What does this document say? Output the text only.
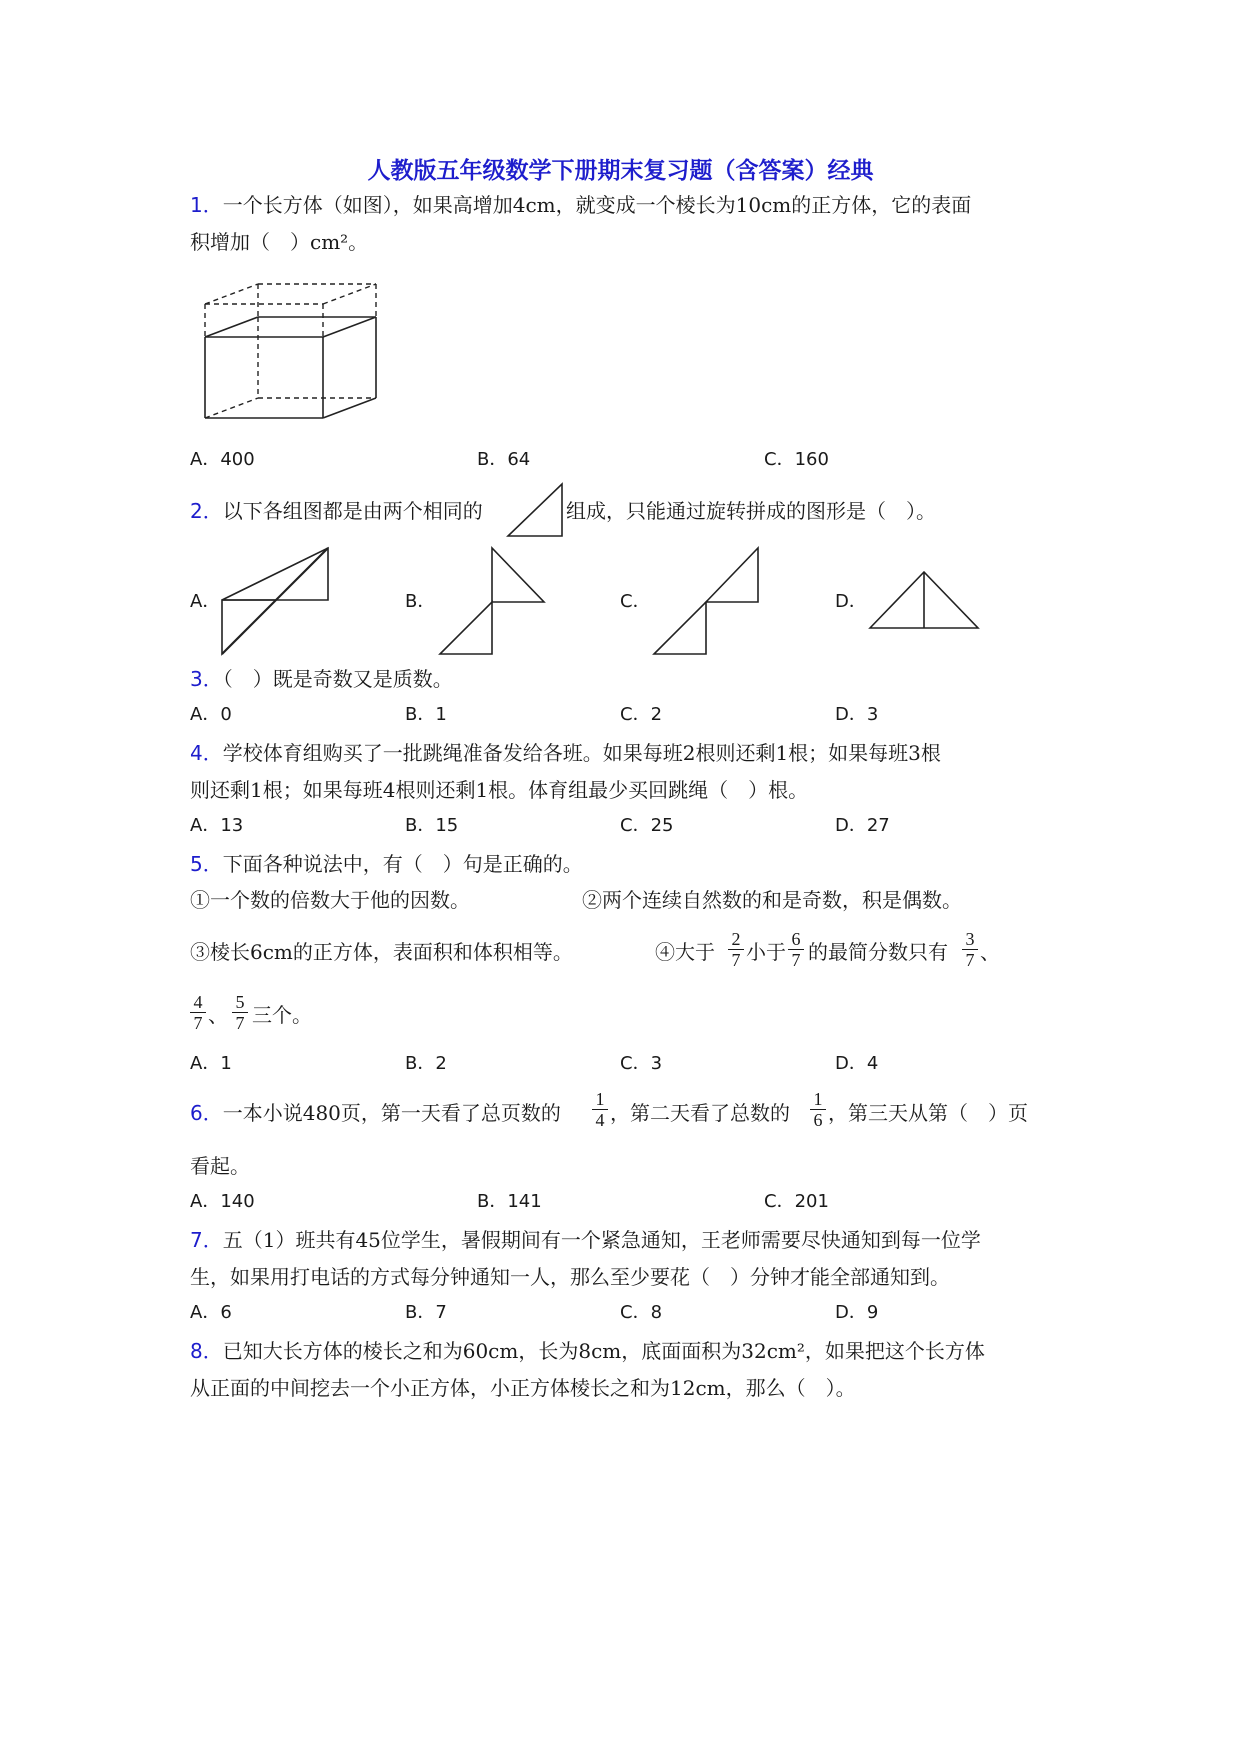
人教版五年级数学下册期末复习题（含答案）经典
1．一个长方体（如图），如果高增加4cm，就变成一个棱长为10cm的正方体，它的表面
积增加（　）cm²。
A．400	B．64	C．160
2．以下各组图都是由两个相同的	组成，只能通过旋转拼成的图形是（　）。
A．	B．	C．	D．
3．（　）既是奇数又是质数。
A．0	B．1	C．2	D．3
4．学校体育组购买了一批跳绳准备发给各班。如果每班2根则还剩1根；如果每班3根
则还剩1根；如果每班4根则还剩1根。体育组最少买回跳绳（　）根。
A．13	B．15	C．25	D．27
5．下面各种说法中，有（　）句是正确的。
①一个数的倍数大于他的因数。	②两个连续自然数的和是奇数，积是偶数。
③棱长6cm的正方体，表面积和体积相等。	④大于 $\frac{2}{7}$ 小于 $\frac{6}{7}$ 的最简分数只有 $\frac{3}{7}$ 、
$\frac{4}{7}$ 、 $\frac{5}{7}$ 三个。
A．1	B．2	C．3	D．4
6．一本小说480页，第一天看了总页数的 $\frac{1}{4}$ ，第二天看了总数的 $\frac{1}{6}$ ，第三天从第（　）页
看起。
A．140	B．141	C．201
7．五（1）班共有45位学生，暑假期间有一个紧急通知，王老师需要尽快通知到每一位学
生，如果用打电话的方式每分钟通知一人，那么至少要花（　）分钟才能全部通知到。
A．6	B．7	C．8	D．9
8．已知大长方体的棱长之和为60cm，长为8cm，底面面积为32cm²，如果把这个长方体
从正面的中间挖去一个小正方体，小正方体棱长之和为12cm，那么（　）。
